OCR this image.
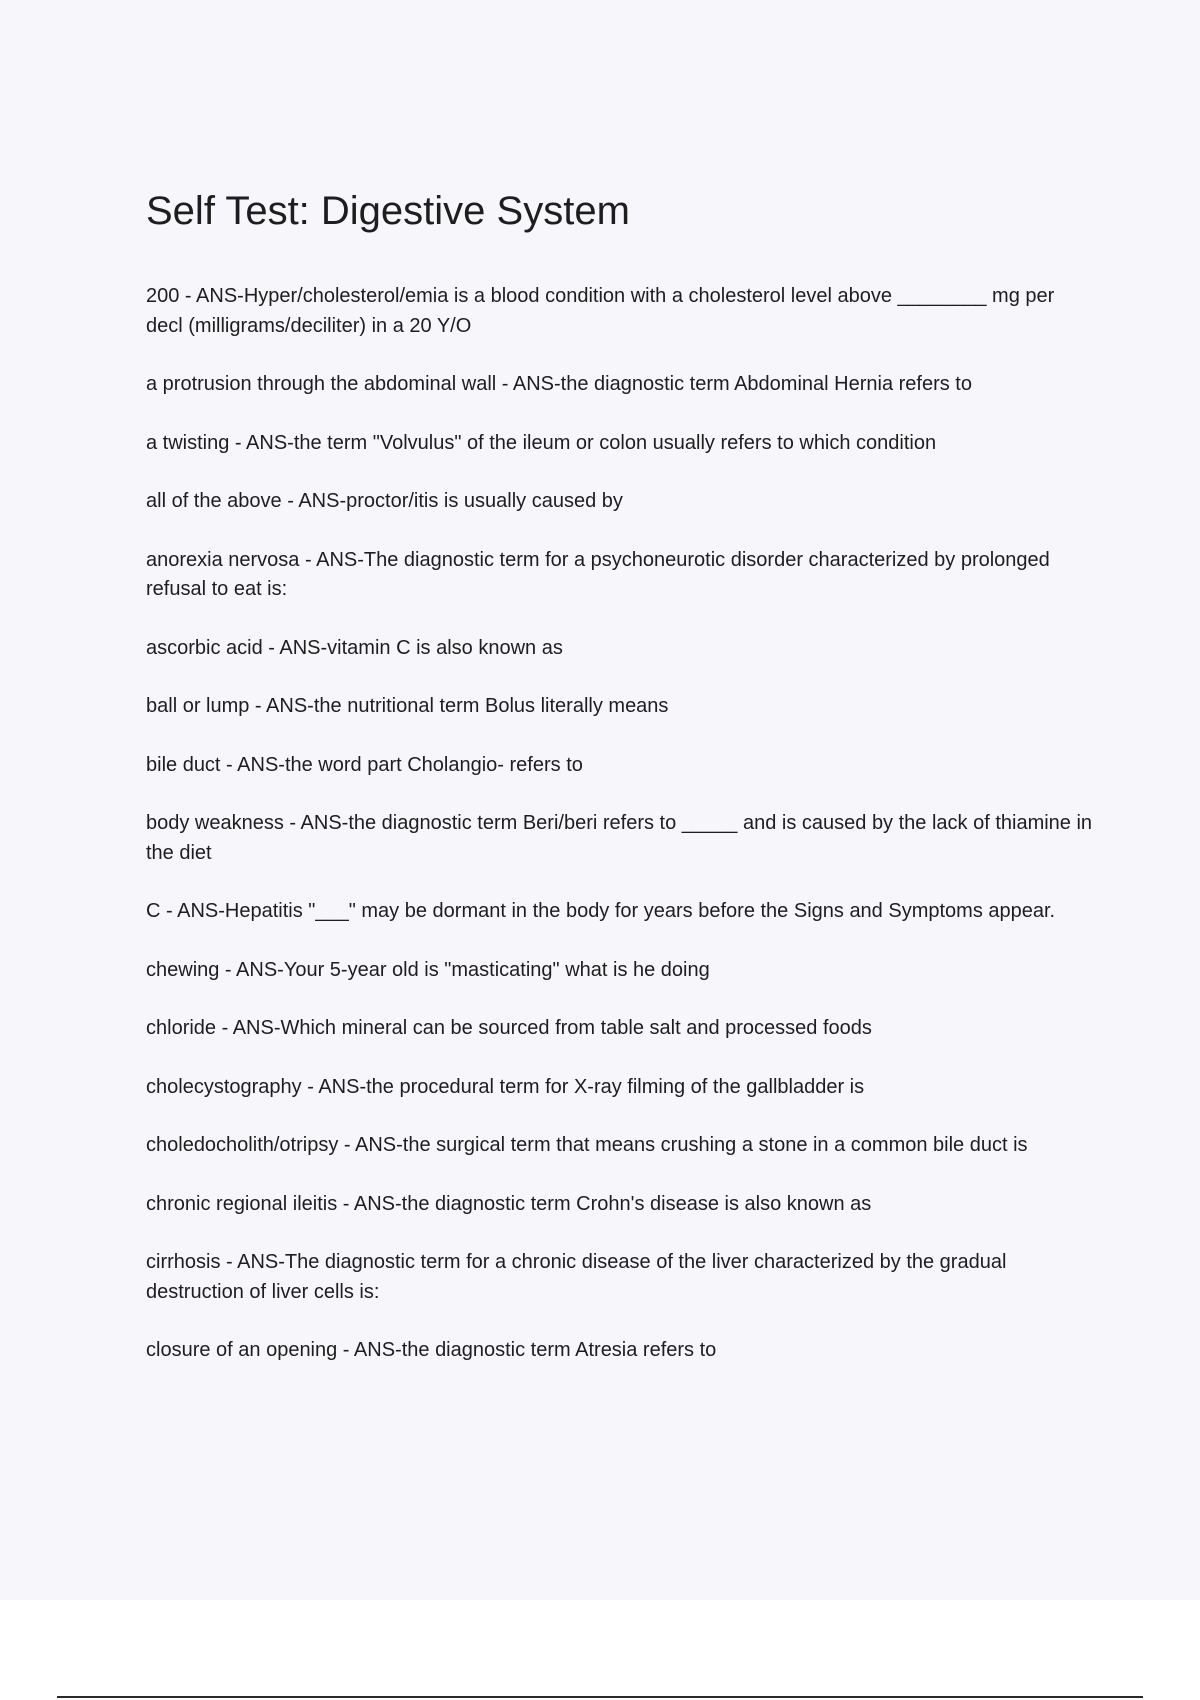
Self Test: Digestive System

200 - ANS-Hyper/cholesterol/emia is a blood condition with a cholesterol level above ________ mg per decl (milligrams/deciliter) in a 20 Y/O

a protrusion through the abdominal wall - ANS-the diagnostic term Abdominal Hernia refers to

a twisting - ANS-the term "Volvulus" of the ileum or colon usually refers to which condition

all of the above - ANS-proctor/itis is usually caused by

anorexia nervosa - ANS-The diagnostic term for a psychoneurotic disorder characterized by prolonged refusal to eat is:

ascorbic acid - ANS-vitamin C is also known as

ball or lump - ANS-the nutritional term Bolus literally means

bile duct - ANS-the word part Cholangio- refers to

body weakness - ANS-the diagnostic term Beri/beri refers to _____ and is caused by the lack of thiamine in the diet

C - ANS-Hepatitis "___" may be dormant in the body for years before the Signs and Symptoms appear.

chewing - ANS-Your 5-year old is "masticating" what is he doing

chloride - ANS-Which mineral can be sourced from table salt and processed foods

cholecystography - ANS-the procedural term for X-ray filming of the gallbladder is

choledocholith/otripsy - ANS-the surgical term that means crushing a stone in a common bile duct is

chronic regional ileitis - ANS-the diagnostic term Crohn's disease is also known as

cirrhosis - ANS-The diagnostic term for a chronic disease of the liver characterized by the gradual destruction of liver cells is:

closure of an opening - ANS-the diagnostic term Atresia refers to
